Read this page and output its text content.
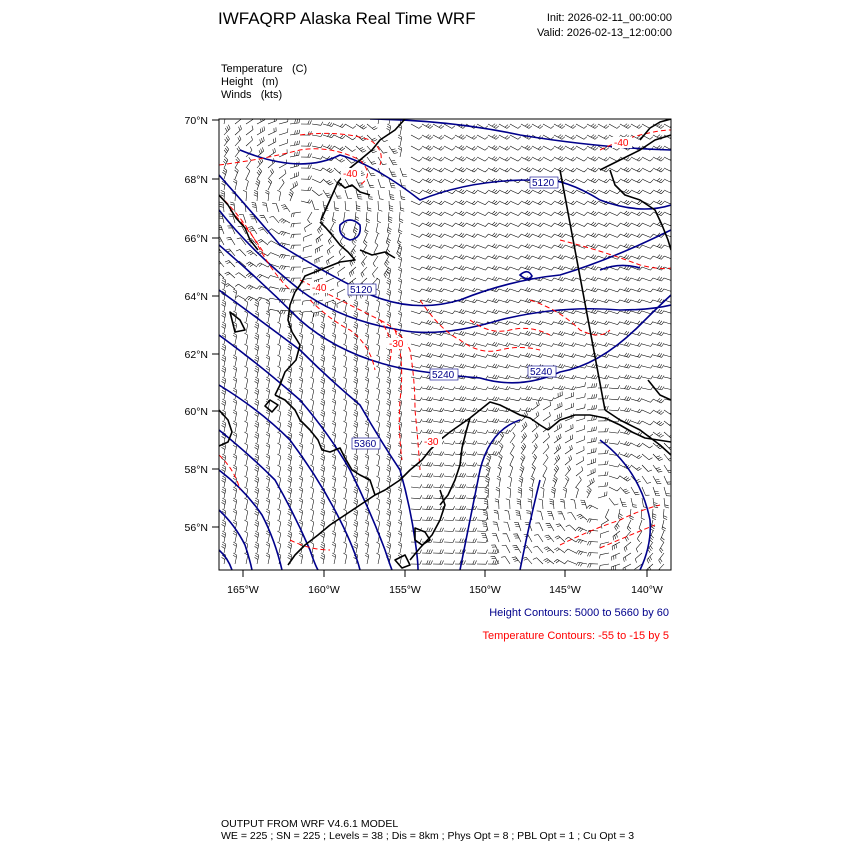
IWFAQRP Alaska Real Time WRF	Init: 2026-02-11_00:00:00
Valid: 2026-02-13_12:00:00
Temperature (C)
Height (m)
Winds (kts)
70°N
68°N
66°N
64°N
62°N
60°N
58°N
56°N
165°W	160°W	155°W	150°W	145°W	140°W
5120
5120
5240	5240
5360
-40
-40
-40
-30
-30
Height Contours: 5000 to 5660 by 60
Temperature Contours: -55 to -15 by 5
OUTPUT FROM WRF V4.6.1 MODEL
WE = 225 ; SN = 225 ; Levels = 38 ; Dis = 8km ; Phys Opt = 8 ; PBL Opt = 1 ; Cu Opt = 3
